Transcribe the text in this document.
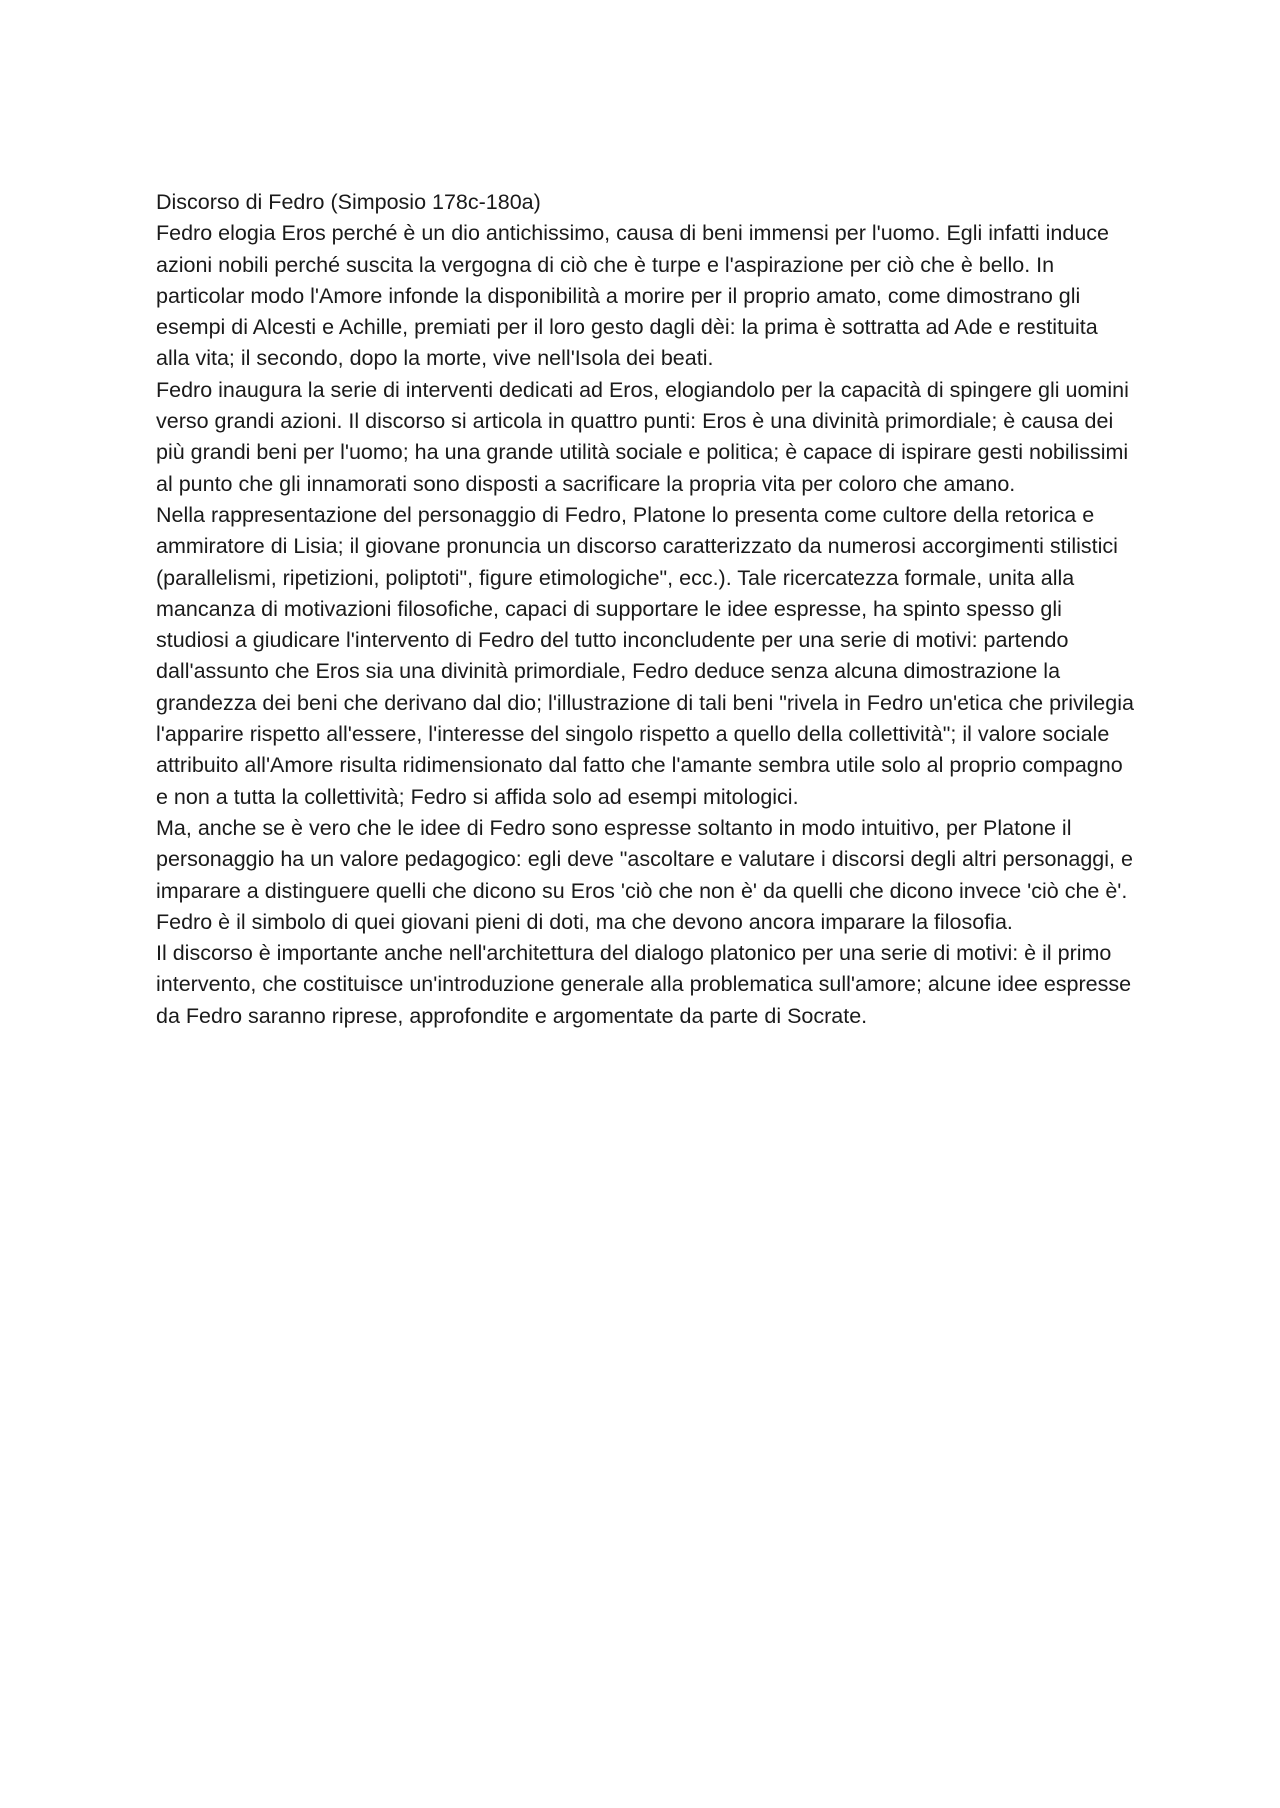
Discorso di Fedro (Simposio 178c-180a)

Fedro elogia Eros perché è un dio antichissimo, causa di beni immensi per l'uomo. Egli infatti induce azioni nobili perché suscita la vergogna di ciò che è turpe e l'aspirazione per ciò che è bello. In particolar modo l'Amore infonde la disponibilità a morire per il proprio amato, come dimostrano gli esempi di Alcesti e Achille, premiati per il loro gesto dagli dèi: la prima è sottratta ad Ade e restituita alla vita; il secondo, dopo la morte, vive nell'Isola dei beati.

Fedro inaugura la serie di interventi dedicati ad Eros, elogiandolo per la capacità di spingere gli uomini verso grandi azioni. Il discorso si articola in quattro punti: Eros è una divinità primordiale; è causa dei più grandi beni per l'uomo; ha una grande utilità sociale e politica; è capace di ispirare gesti nobilissimi al punto che gli innamorati sono disposti a sacrificare la propria vita per coloro che amano.

Nella rappresentazione del personaggio di Fedro, Platone lo presenta come cultore della retorica e ammiratore di Lisia; il giovane pronuncia un discorso caratterizzato da numerosi accorgimenti stilistici (parallelismi, ripetizioni, poliptoti", figure etimologiche", ecc.). Tale ricercatezza formale, unita alla mancanza di motivazioni filosofiche, capaci di supportare le idee espresse, ha spinto spesso gli studiosi a giudicare l'intervento di Fedro del tutto inconcludente per una serie di motivi: partendo dall'assunto che Eros sia una divinità primordiale, Fedro deduce senza alcuna dimostrazione la grandezza dei beni che derivano dal dio; l'illustrazione di tali beni "rivela in Fedro un'etica che privilegia l'apparire rispetto all'essere, l'interesse del singolo rispetto a quello della collettività"; il valore sociale attribuito all'Amore risulta ridimensionato dal fatto che l'amante sembra utile solo al proprio compagno e non a tutta la collettività; Fedro si affida solo ad esempi mitologici.

Ma, anche se è vero che le idee di Fedro sono espresse soltanto in modo intuitivo, per Platone il personaggio ha un valore pedagogico: egli deve "ascoltare e valutare i discorsi degli altri personaggi, e imparare a distinguere quelli che dicono su Eros 'ciò che non è' da quelli che dicono invece 'ciò che è'. Fedro è il simbolo di quei giovani pieni di doti, ma che devono ancora imparare la filosofia.

Il discorso è importante anche nell'architettura del dialogo platonico per una serie di motivi: è il primo intervento, che costituisce un'introduzione generale alla problematica sull'amore; alcune idee espresse da Fedro saranno riprese, approfondite e argomentate da parte di Socrate.
